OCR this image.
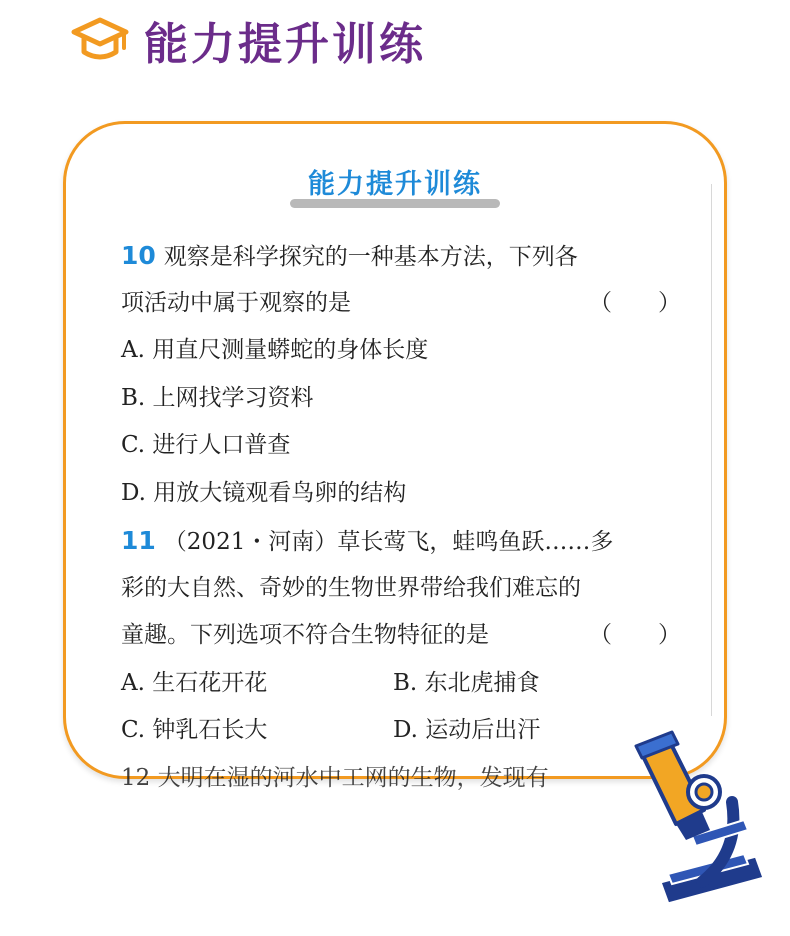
能力提升训练
能力提升训练
10 观察是科学探究的一种基本方法，下列各
项活动中属于观察的是	（　　）
A. 用直尺测量蟒蛇的身体长度
B. 上网找学习资料
C. 进行人口普查
D. 用放大镜观看鸟卵的结构
11 （2021・河南）草长莺飞，蛙鸣鱼跃……多
彩的大自然、奇妙的生物世界带给我们难忘的
童趣。下列选项不符合生物特征的是	（　　）
A. 生石花开花	B. 东北虎捕食
C. 钟乳石长大	D. 运动后出汗
12 大明在湿的河水中工网的生物，发现有
